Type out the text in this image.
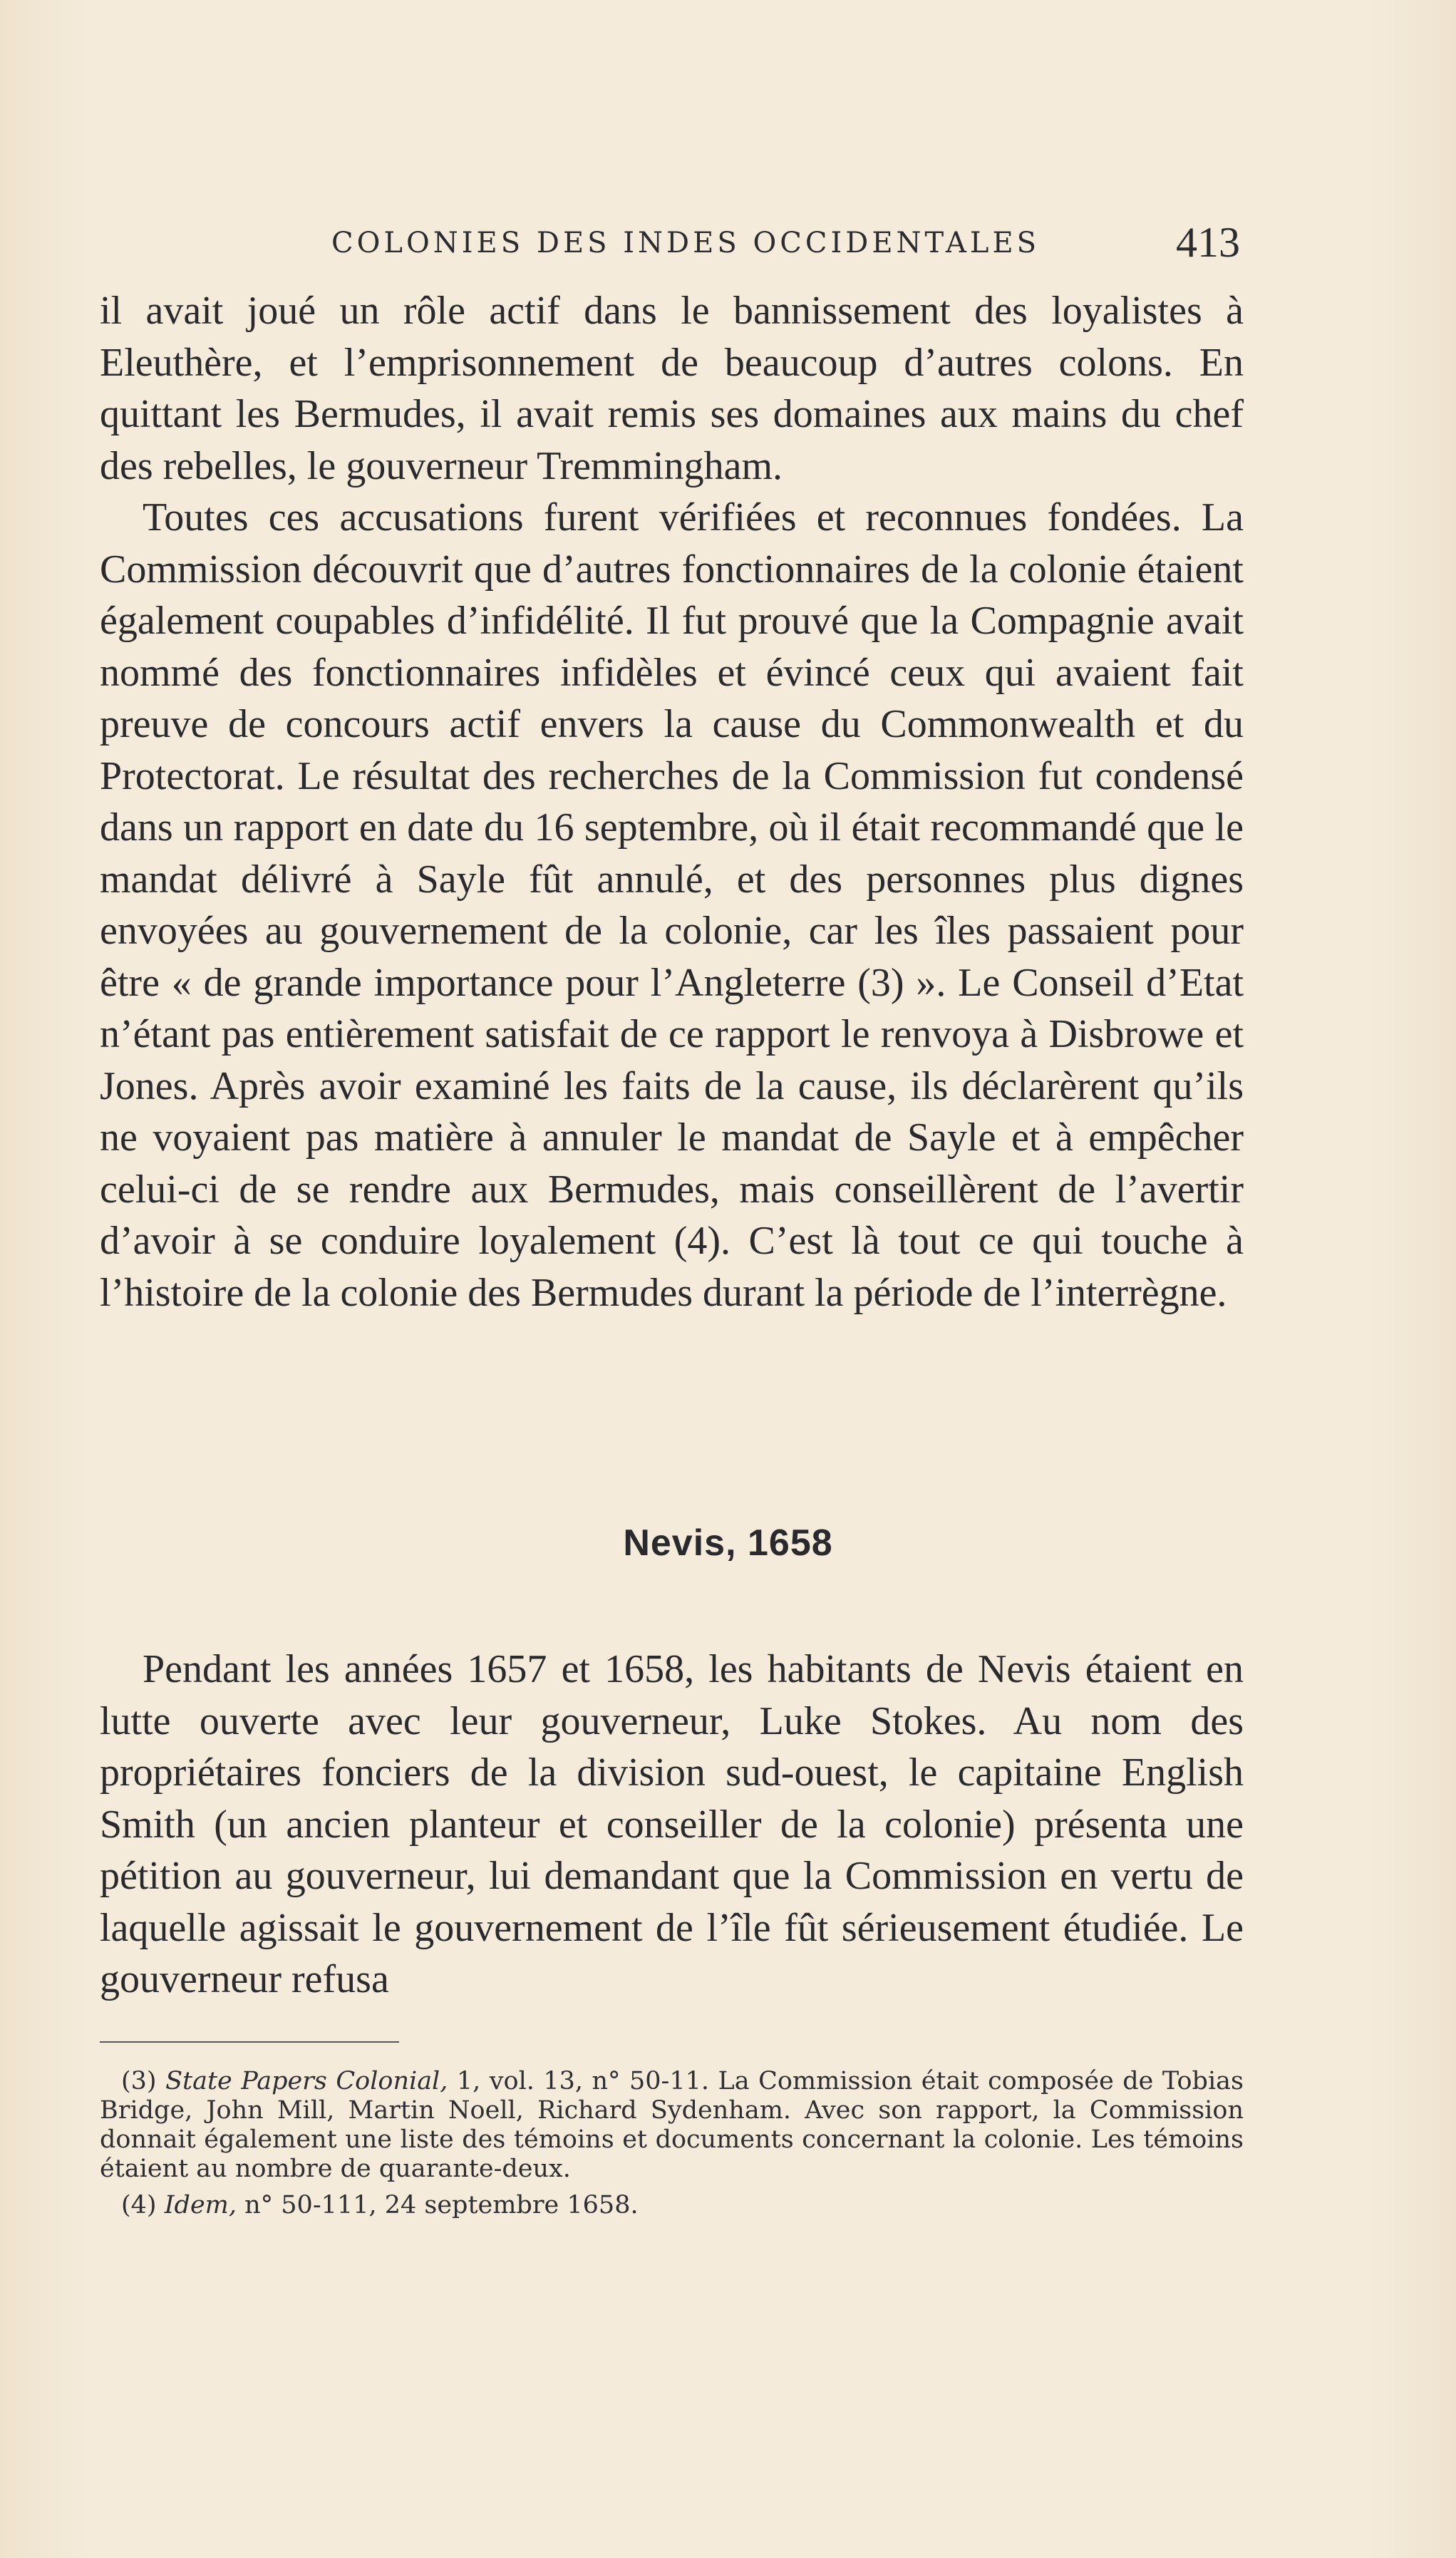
COLONIES DES INDES OCCIDENTALES	413

il avait joué un rôle actif dans le bannissement des loyalistes à Eleuthère, et l’emprisonnement de beaucoup d’autres colons. En quittant les Bermudes, il avait remis ses domaines aux mains du chef des rebelles, le gouverneur Tremmingham.

Toutes ces accusations furent vérifiées et reconnues fondées. La Commission découvrit que d’autres fonctionnaires de la colonie étaient également coupables d’infidélité. Il fut prouvé que la Compagnie avait nommé des fonctionnaires infidèles et évincé ceux qui avaient fait preuve de concours actif envers la cause du Commonwealth et du Protectorat. Le résultat des recherches de la Commission fut condensé dans un rapport en date du 16 septembre, où il était recommandé que le mandat délivré à Sayle fût annulé, et des personnes plus dignes envoyées au gouvernement de la colonie, car les îles passaient pour être « de grande importance pour l’Angleterre (3) ». Le Conseil d’Etat n’étant pas entièrement satisfait de ce rapport le renvoya à Disbrowe et Jones. Après avoir examiné les faits de la cause, ils déclarèrent qu’ils ne voyaient pas matière à annuler le mandat de Sayle et à empêcher celui-ci de se rendre aux Bermudes, mais conseillèrent de l’avertir d’avoir à se conduire loyalement (4). C’est là tout ce qui touche à l’histoire de la colonie des Bermudes durant la période de l’interrègne.

Nevis, 1658

Pendant les années 1657 et 1658, les habitants de Nevis étaient en lutte ouverte avec leur gouverneur, Luke Stokes. Au nom des propriétaires fonciers de la division sud-ouest, le capitaine English Smith (un ancien planteur et conseiller de la colonie) présenta une pétition au gouverneur, lui demandant que la Commission en vertu de laquelle agissait le gouvernement de l’île fût sérieusement étudiée. Le gouverneur refusa

(3) State Papers Colonial, 1, vol. 13, n° 50-11. La Commission était composée de Tobias Bridge, John Mill, Martin Noell, Richard Sydenham. Avec son rapport, la Commission donnait également une liste des témoins et documents concernant la colonie. Les témoins étaient au nombre de quarante-deux.

(4) Idem, n° 50-111, 24 septembre 1658.
